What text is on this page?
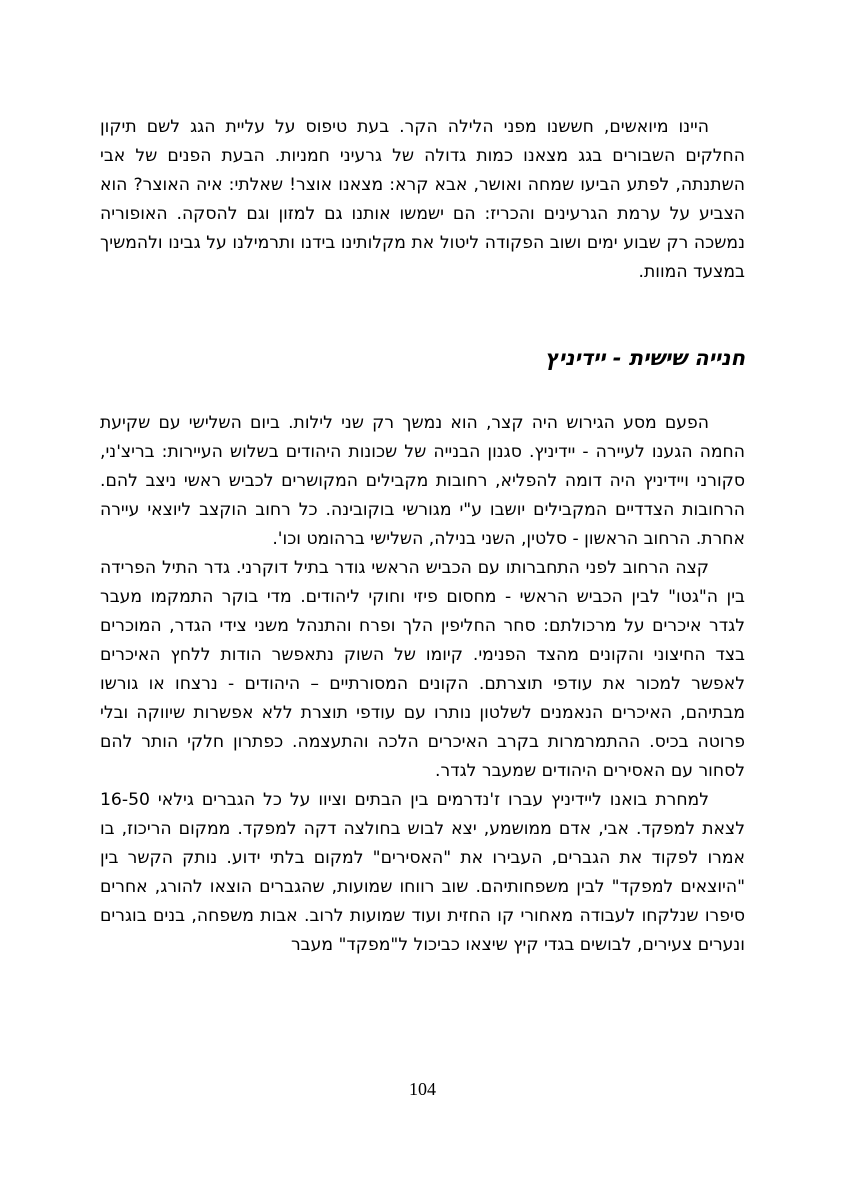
היינו מיואשים, חששנו מפני הלילה הקר. בעת טיפוס על עליית הגג לשם תיקון החלקים השבורים בגג מצאנו כמות גדולה של גרעיני חמניות. הבעת הפנים של אבי השתנתה, לפתע הביעו שמחה ואושר, אבא קרא: מצאנו אוצר! שאלתי: איה האוצר? הוא הצביע על ערמת הגרעינים והכריז: הם ישמשו אותנו גם למזון וגם להסקה. האופוריה נמשכה רק שבוע ימים ושוב הפקודה ליטול את מקלותינו בידנו ותרמילנו על גבינו ולהמשיך במצעד המוות.

חנייה שישית - יידיניץ

הפעם מסע הגירוש היה קצר, הוא נמשך רק שני לילות. ביום השלישי עם שקיעת החמה הגענו לעיירה - יידיניץ. סגנון הבנייה של שכונות היהודים בשלוש העיירות: בריצ'ני, סקורני ויידיניץ היה דומה להפליא, רחובות מקבילים המקושרים לכביש ראשי ניצב להם. הרחובות הצדדיים המקבילים יושבו ע"י מגורשי בוקובינה. כל רחוב הוקצב ליוצאי עיירה אחרת. הרחוב הראשון - סלטין, השני בנילה, השלישי ברהומט וכו'.

קצה הרחוב לפני התחברותו עם הכביש הראשי גודר בתיל דוקרני. גדר התיל הפרידה בין ה"גטו" לבין הכביש הראשי - מחסום פיזי וחוקי ליהודים. מדי בוקר התמקמו מעבר לגדר איכרים על מרכולתם: סחר החליפין הלך ופרח והתנהל משני צידי הגדר, המוכרים בצד החיצוני והקונים מהצד הפנימי. קיומו של השוק נתאפשר הודות ללחץ האיכרים לאפשר למכור את עודפי תוצרתם. הקונים המסורתיים – היהודים - נרצחו או גורשו מבתיהם, האיכרים הנאמנים לשלטון נותרו עם עודפי תוצרת ללא אפשרות שיווקה ובלי פרוטה בכיס. ההתמרמרות בקרב האיכרים הלכה והתעצמה. כפתרון חלקי הותר להם לסחור עם האסירים היהודים שמעבר לגדר.

למחרת בואנו ליידיניץ עברו ז'נדרמים בין הבתים וציוו על כל הגברים גילאי 16-50 לצאת למפקד. אבי, אדם ממושמע, יצא לבוש בחולצה דקה למפקד. ממקום הריכוז, בו אמרו לפקוד את הגברים, העבירו את "האסירים" למקום בלתי ידוע. נותק הקשר בין "היוצאים למפקד" לבין משפחותיהם. שוב רווחו שמועות, שהגברים הוצאו להורג, אחרים סיפרו שנלקחו לעבודה מאחורי קו החזית ועוד שמועות לרוב. אבות משפחה, בנים בוגרים ונערים צעירים, לבושים בגדי קיץ שיצאו כביכול ל"מפקד" מעבר

104
